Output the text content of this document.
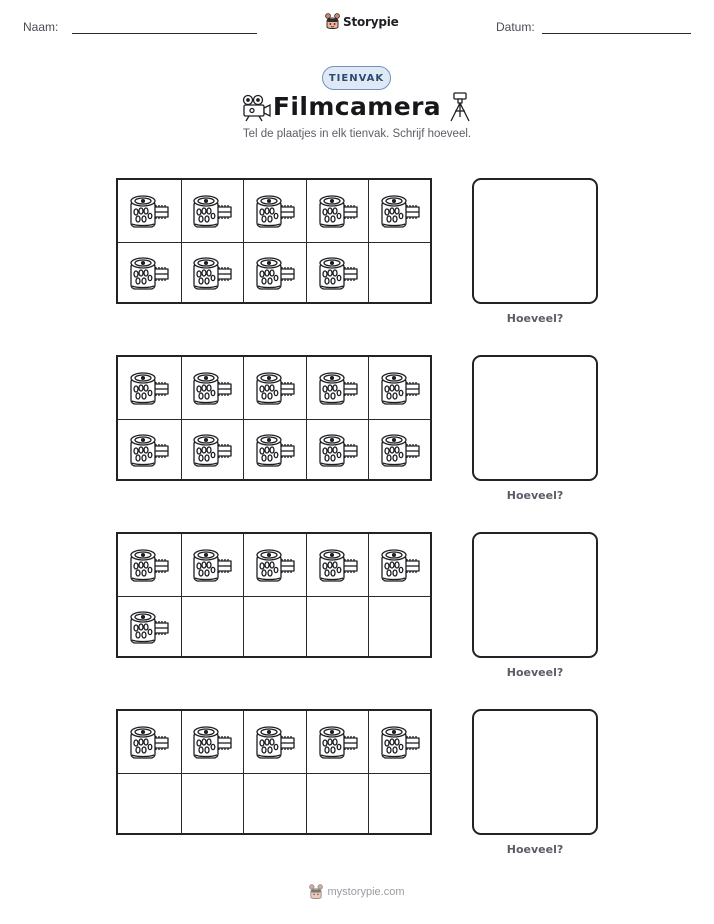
Naam:	Storypie	Datum:
TIENVAK
Filmcamera
Tel de plaatjes in elk tienvak. Schrijf hoeveel.
Hoeveel?
Hoeveel?
Hoeveel?
Hoeveel?
mystorypie.com
